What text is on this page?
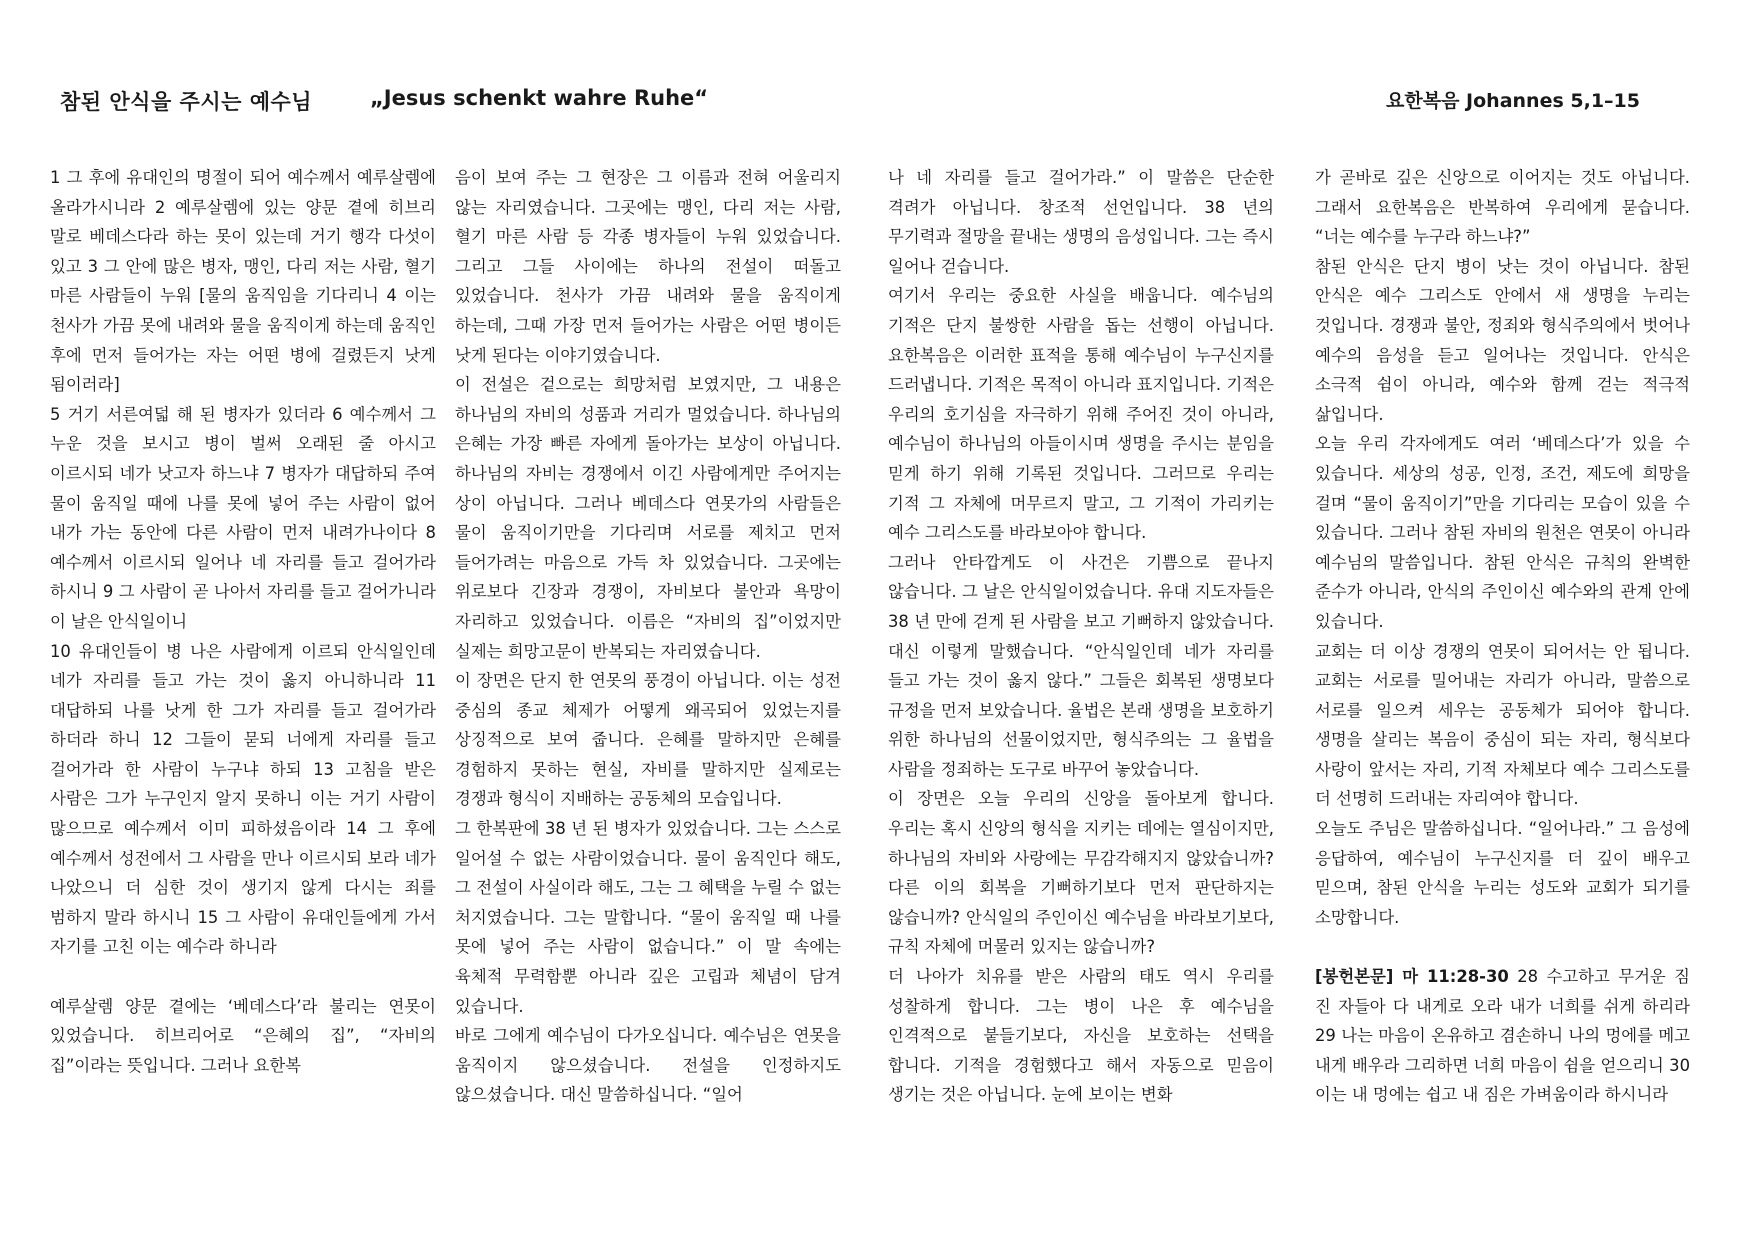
참된 안식을 주시는 예수님	„Jesus schenkt wahre Ruhe“	요한복음 Johannes 5,1–15

1 그 후에 유대인의 명절이 되어 예수께서 예루살렘에 올라가시니라 2 예루살렘에 있는 양문 곁에 히브리 말로 베데스다라 하는 못이 있는데 거기 행각 다섯이 있고 3 그 안에 많은 병자, 맹인, 다리 저는 사람, 혈기 마른 사람들이 누워 [물의 움직임을 기다리니 4 이는 천사가 가끔 못에 내려와 물을 움직이게 하는데 움직인 후에 먼저 들어가는 자는 어떤 병에 걸렸든지 낫게 됨이러라]

5 거기 서른여덟 해 된 병자가 있더라 6 예수께서 그 누운 것을 보시고 병이 벌써 오래된 줄 아시고 이르시되 네가 낫고자 하느냐 7 병자가 대답하되 주여 물이 움직일 때에 나를 못에 넣어 주는 사람이 없어 내가 가는 동안에 다른 사람이 먼저 내려가나이다 8 예수께서 이르시되 일어나 네 자리를 들고 걸어가라 하시니 9 그 사람이 곧 나아서 자리를 들고 걸어가니라 이 날은 안식일이니

10 유대인들이 병 나은 사람에게 이르되 안식일인데 네가 자리를 들고 가는 것이 옳지 아니하니라 11 대답하되 나를 낫게 한 그가 자리를 들고 걸어가라 하더라 하니 12 그들이 묻되 너에게 자리를 들고 걸어가라 한 사람이 누구냐 하되 13 고침을 받은 사람은 그가 누구인지 알지 못하니 이는 거기 사람이 많으므로 예수께서 이미 피하셨음이라 14 그 후에 예수께서 성전에서 그 사람을 만나 이르시되 보라 네가 나았으니 더 심한 것이 생기지 않게 다시는 죄를 범하지 말라 하시니 15 그 사람이 유대인들에게 가서 자기를 고친 이는 예수라 하니라

예루살렘 양문 곁에는 ‘베데스다’라 불리는 연못이 있었습니다. 히브리어로 “은혜의 집”, “자비의 집”이라는 뜻입니다. 그러나 요한복

음이 보여 주는 그 현장은 그 이름과 전혀 어울리지 않는 자리였습니다. 그곳에는 맹인, 다리 저는 사람, 혈기 마른 사람 등 각종 병자들이 누워 있었습니다. 그리고 그들 사이에는 하나의 전설이 떠돌고 있었습니다. 천사가 가끔 내려와 물을 움직이게 하는데, 그때 가장 먼저 들어가는 사람은 어떤 병이든 낫게 된다는 이야기였습니다.

이 전설은 겉으로는 희망처럼 보였지만, 그 내용은 하나님의 자비의 성품과 거리가 멀었습니다. 하나님의 은혜는 가장 빠른 자에게 돌아가는 보상이 아닙니다. 하나님의 자비는 경쟁에서 이긴 사람에게만 주어지는 상이 아닙니다. 그러나 베데스다 연못가의 사람들은 물이 움직이기만을 기다리며 서로를 제치고 먼저 들어가려는 마음으로 가득 차 있었습니다. 그곳에는 위로보다 긴장과 경쟁이, 자비보다 불안과 욕망이 자리하고 있었습니다. 이름은 “자비의 집”이었지만 실제는 희망고문이 반복되는 자리였습니다.

이 장면은 단지 한 연못의 풍경이 아닙니다. 이는 성전 중심의 종교 체제가 어떻게 왜곡되어 있었는지를 상징적으로 보여 줍니다. 은혜를 말하지만 은혜를 경험하지 못하는 현실, 자비를 말하지만 실제로는 경쟁과 형식이 지배하는 공동체의 모습입니다.

그 한복판에 38 년 된 병자가 있었습니다. 그는 스스로 일어설 수 없는 사람이었습니다. 물이 움직인다 해도, 그 전설이 사실이라 해도, 그는 그 혜택을 누릴 수 없는 처지였습니다. 그는 말합니다. “물이 움직일 때 나를 못에 넣어 주는 사람이 없습니다.” 이 말 속에는 육체적 무력함뿐 아니라 깊은 고립과 체념이 담겨 있습니다.

바로 그에게 예수님이 다가오십니다. 예수님은 연못을 움직이지 않으셨습니다. 전설을 인정하지도 않으셨습니다. 대신 말씀하십니다. “일어

나 네 자리를 들고 걸어가라.” 이 말씀은 단순한 격려가 아닙니다. 창조적 선언입니다. 38 년의 무기력과 절망을 끝내는 생명의 음성입니다. 그는 즉시 일어나 걷습니다.

여기서 우리는 중요한 사실을 배웁니다. 예수님의 기적은 단지 불쌍한 사람을 돕는 선행이 아닙니다. 요한복음은 이러한 표적을 통해 예수님이 누구신지를 드러냅니다. 기적은 목적이 아니라 표지입니다. 기적은 우리의 호기심을 자극하기 위해 주어진 것이 아니라, 예수님이 하나님의 아들이시며 생명을 주시는 분임을 믿게 하기 위해 기록된 것입니다. 그러므로 우리는 기적 그 자체에 머무르지 말고, 그 기적이 가리키는 예수 그리스도를 바라보아야 합니다.

그러나 안타깝게도 이 사건은 기쁨으로 끝나지 않습니다. 그 날은 안식일이었습니다. 유대 지도자들은 38 년 만에 걷게 된 사람을 보고 기뻐하지 않았습니다. 대신 이렇게 말했습니다. “안식일인데 네가 자리를 들고 가는 것이 옳지 않다.” 그들은 회복된 생명보다 규정을 먼저 보았습니다. 율법은 본래 생명을 보호하기 위한 하나님의 선물이었지만, 형식주의는 그 율법을 사람을 정죄하는 도구로 바꾸어 놓았습니다.

이 장면은 오늘 우리의 신앙을 돌아보게 합니다. 우리는 혹시 신앙의 형식을 지키는 데에는 열심이지만, 하나님의 자비와 사랑에는 무감각해지지 않았습니까? 다른 이의 회복을 기뻐하기보다 먼저 판단하지는 않습니까? 안식일의 주인이신 예수님을 바라보기보다, 규칙 자체에 머물러 있지는 않습니까?

더 나아가 치유를 받은 사람의 태도 역시 우리를 성찰하게 합니다. 그는 병이 나은 후 예수님을 인격적으로 붙들기보다, 자신을 보호하는 선택을 합니다. 기적을 경험했다고 해서 자동으로 믿음이 생기는 것은 아닙니다. 눈에 보이는 변화

가 곧바로 깊은 신앙으로 이어지는 것도 아닙니다. 그래서 요한복음은 반복하여 우리에게 묻습니다. “너는 예수를 누구라 하느냐?”

참된 안식은 단지 병이 낫는 것이 아닙니다. 참된 안식은 예수 그리스도 안에서 새 생명을 누리는 것입니다. 경쟁과 불안, 정죄와 형식주의에서 벗어나 예수의 음성을 듣고 일어나는 것입니다. 안식은 소극적 쉼이 아니라, 예수와 함께 걷는 적극적 삶입니다.

오늘 우리 각자에게도 여러 ‘베데스다’가 있을 수 있습니다. 세상의 성공, 인정, 조건, 제도에 희망을 걸며 “물이 움직이기”만을 기다리는 모습이 있을 수 있습니다. 그러나 참된 자비의 원천은 연못이 아니라 예수님의 말씀입니다. 참된 안식은 규칙의 완벽한 준수가 아니라, 안식의 주인이신 예수와의 관계 안에 있습니다.

교회는 더 이상 경쟁의 연못이 되어서는 안 됩니다. 교회는 서로를 밀어내는 자리가 아니라, 말씀으로 서로를 일으켜 세우는 공동체가 되어야 합니다. 생명을 살리는 복음이 중심이 되는 자리, 형식보다 사랑이 앞서는 자리, 기적 자체보다 예수 그리스도를 더 선명히 드러내는 자리여야 합니다.

오늘도 주님은 말씀하십니다. “일어나라.” 그 음성에 응답하여, 예수님이 누구신지를 더 깊이 배우고 믿으며, 참된 안식을 누리는 성도와 교회가 되기를 소망합니다.

[봉헌본문] 마 11:28-30 28 수고하고 무거운 짐 진 자들아 다 내게로 오라 내가 너희를 쉬게 하리라 29 나는 마음이 온유하고 겸손하니 나의 멍에를 메고 내게 배우라 그리하면 너희 마음이 쉼을 얻으리니 30 이는 내 멍에는 쉽고 내 짐은 가벼움이라 하시니라
